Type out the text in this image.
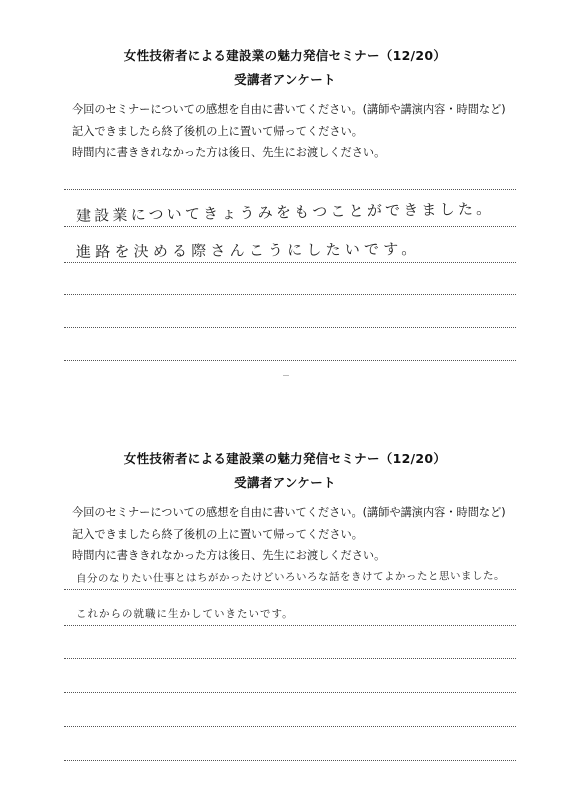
女性技術者による建設業の魅力発信セミナー（12/20）
受講者アンケート
今回のセミナーについての感想を自由に書いてください。(講師や講演内容・時間など)
記入できましたら終了後机の上に置いて帰ってください。
時間内に書ききれなかった方は後日、先生にお渡しください。
建設業についてきょうみをもつことができました。
進路を決める際さんこうにしたいです。
女性技術者による建設業の魅力発信セミナー（12/20）
受講者アンケート
今回のセミナーについての感想を自由に書いてください。(講師や講演内容・時間など)
記入できましたら終了後机の上に置いて帰ってください。
時間内に書ききれなかった方は後日、先生にお渡しください。
自分のなりたい仕事とはちがかったけどいろいろな話をきけてよかったと思いました。
これからの就職に生かしていきたいです。
